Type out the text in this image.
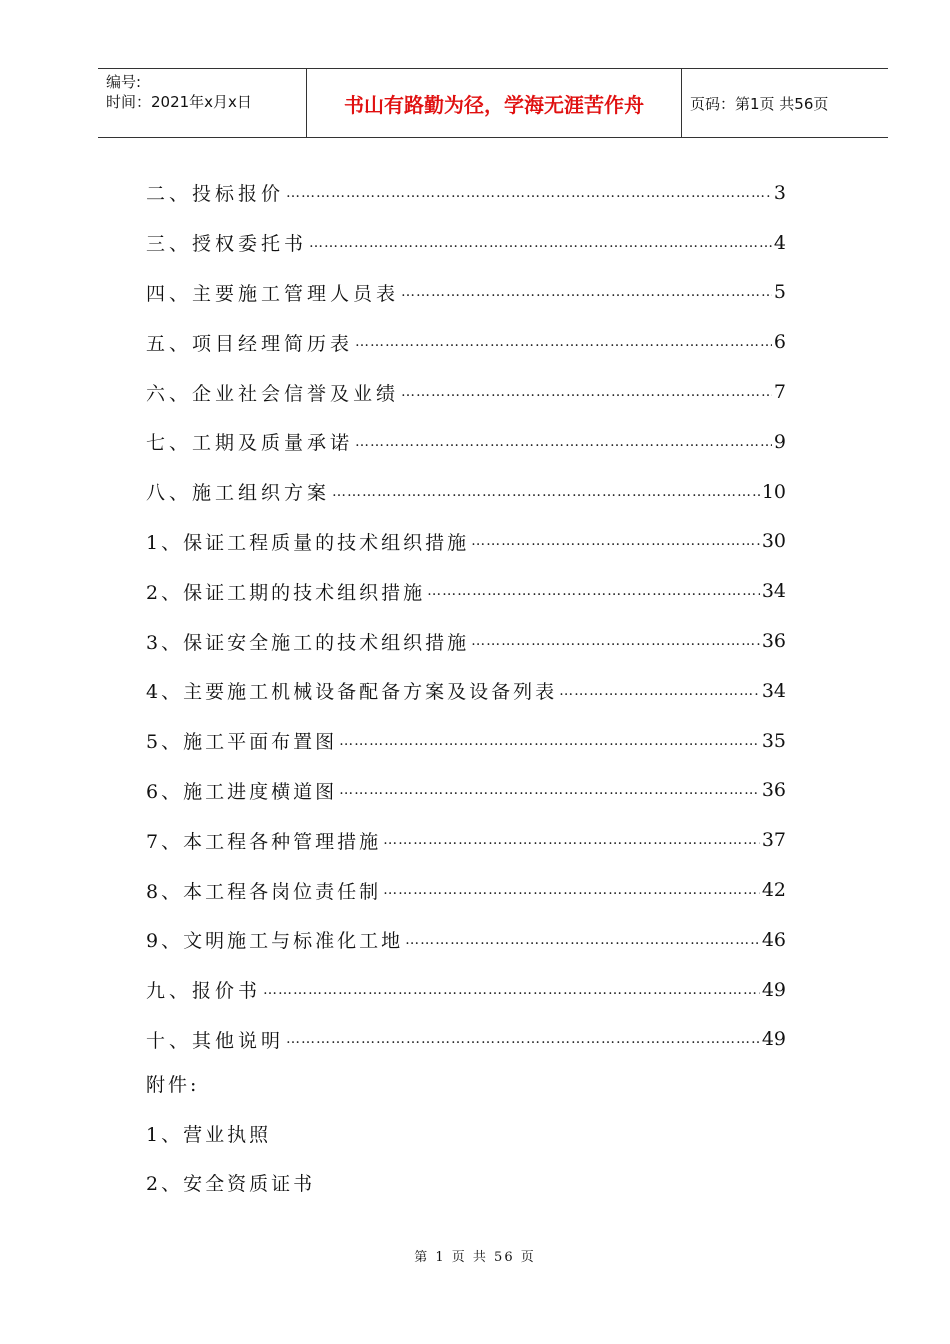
编号:
时间：2021年x月x日	书山有路勤为径，学海无涯苦作舟	页码：第1页 共56页
二、投标报价 …………………………………………………………………………………………………………………………………………	3
三、授权委托书 …………………………………………………………………………………………………………………………………………	4
四、主要施工管理人员表 …………………………………………………………………………………………………………………………………………	5
五、项目经理简历表 …………………………………………………………………………………………………………………………………………	6
六、企业社会信誉及业绩 …………………………………………………………………………………………………………………………………………	7
七、工期及质量承诺 …………………………………………………………………………………………………………………………………………	9
八、施工组织方案 …………………………………………………………………………………………………………………………………………	10
1、保证工程质量的技术组织措施 …………………………………………………………………………………………………………………………………………	30
2、保证工期的技术组织措施 …………………………………………………………………………………………………………………………………………	34
3、保证安全施工的技术组织措施 …………………………………………………………………………………………………………………………………………	36
4、主要施工机械设备配备方案及设备列表 …………………………………………………………………………………………………………………………………………	34
5、施工平面布置图 …………………………………………………………………………………………………………………………………………	35
6、施工进度横道图 …………………………………………………………………………………………………………………………………………	36
7、本工程各种管理措施 …………………………………………………………………………………………………………………………………………	37
8、本工程各岗位责任制 …………………………………………………………………………………………………………………………………………	42
9、文明施工与标准化工地 …………………………………………………………………………………………………………………………………………	46
九、报价书 …………………………………………………………………………………………………………………………………………	49
十、其他说明 …………………………………………………………………………………………………………………………………………	49
附件:
1、营业执照
2、安全资质证书
第 1 页 共 56 页
